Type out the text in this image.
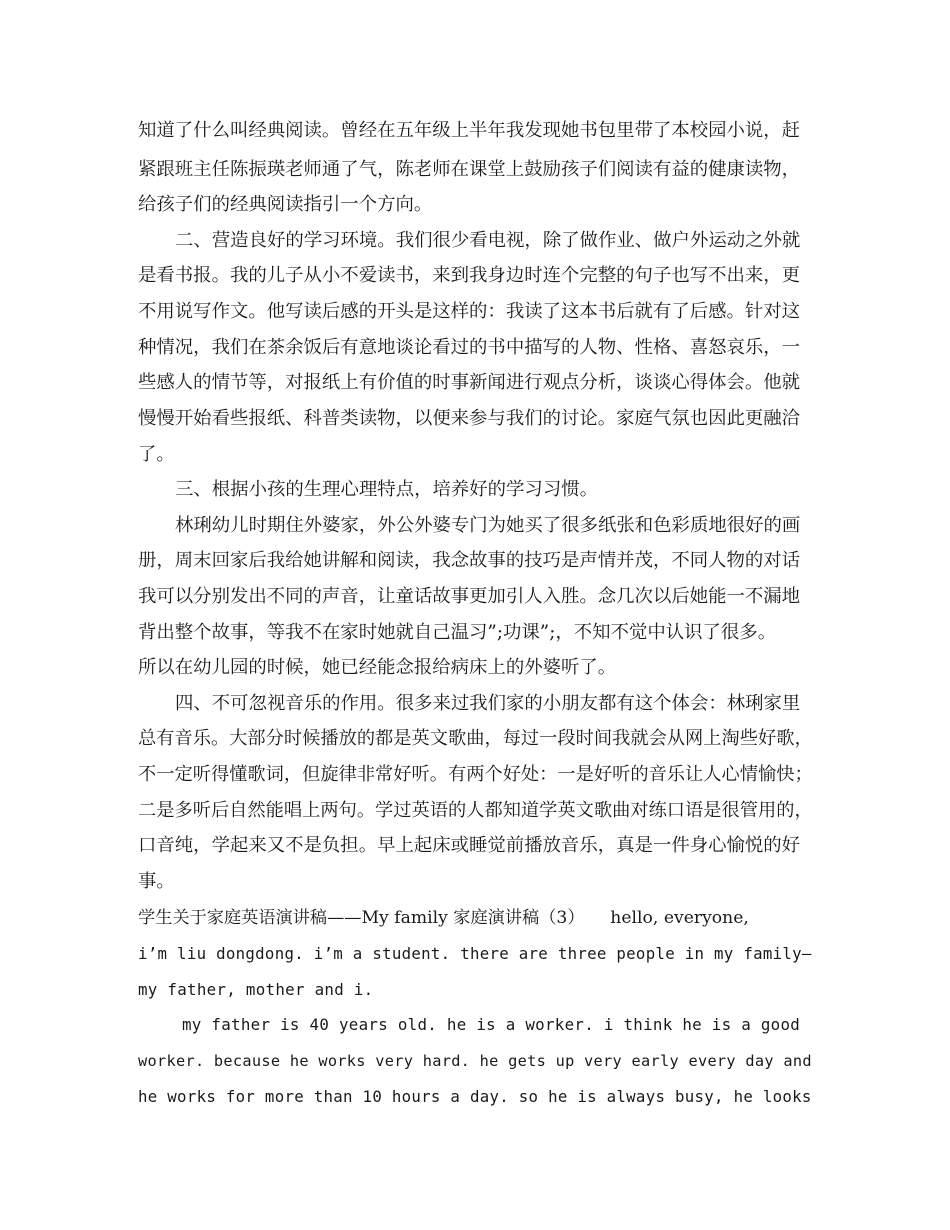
知道了什么叫经典阅读。曾经在五年级上半年我发现她书包里带了本校园小说，赶
紧跟班主任陈振瑛老师通了气，陈老师在课堂上鼓励孩子们阅读有益的健康读物，
给孩子们的经典阅读指引一个方向。
二、营造良好的学习环境。我们很少看电视，除了做作业、做户外运动之外就
是看书报。我的儿子从小不爱读书，来到我身边时连个完整的句子也写不出来，更
不用说写作文。他写读后感的开头是这样的：我读了这本书后就有了后感。针对这
种情况，我们在茶余饭后有意地谈论看过的书中描写的人物、性格、喜怒哀乐，一
些感人的情节等，对报纸上有价值的时事新闻进行观点分析，谈谈心得体会。他就
慢慢开始看些报纸、科普类读物，以便来参与我们的讨论。家庭气氛也因此更融洽
了。
三、根据小孩的生理心理特点，培养好的学习习惯。
林琍幼儿时期住外婆家，外公外婆专门为她买了很多纸张和色彩质地很好的画
册，周末回家后我给她讲解和阅读，我念故事的技巧是声情并茂，不同人物的对话
我可以分别发出不同的声音，让童话故事更加引人入胜。念几次以后她能一不漏地
背出整个故事，等我不在家时她就自己温习”;功课”;，不知不觉中认识了很多。
所以在幼儿园的时候，她已经能念报给病床上的外婆听了。
四、不可忽视音乐的作用。很多来过我们家的小朋友都有这个体会：林琍家里
总有音乐。大部分时候播放的都是英文歌曲，每过一段时间我就会从网上淘些好歌，
不一定听得懂歌词，但旋律非常好听。有两个好处：一是好听的音乐让人心情愉快；
二是多听后自然能唱上两句。学过英语的人都知道学英文歌曲对练口语是很管用的，
口音纯，学起来又不是负担。早上起床或睡觉前播放音乐，真是一件身心愉悦的好
事。
学生关于家庭英语演讲稿——My family 家庭演讲稿（3）　　hello, everyone,
i’m liu dongdong. i’m a student. there are three people in my family—
my father, mother and i.
my father is 40 years old. he is a worker. i think he is a good
worker. because he works very hard. he gets up very early every day and
he works for more than 10 hours a day. so he is always busy, he looks
